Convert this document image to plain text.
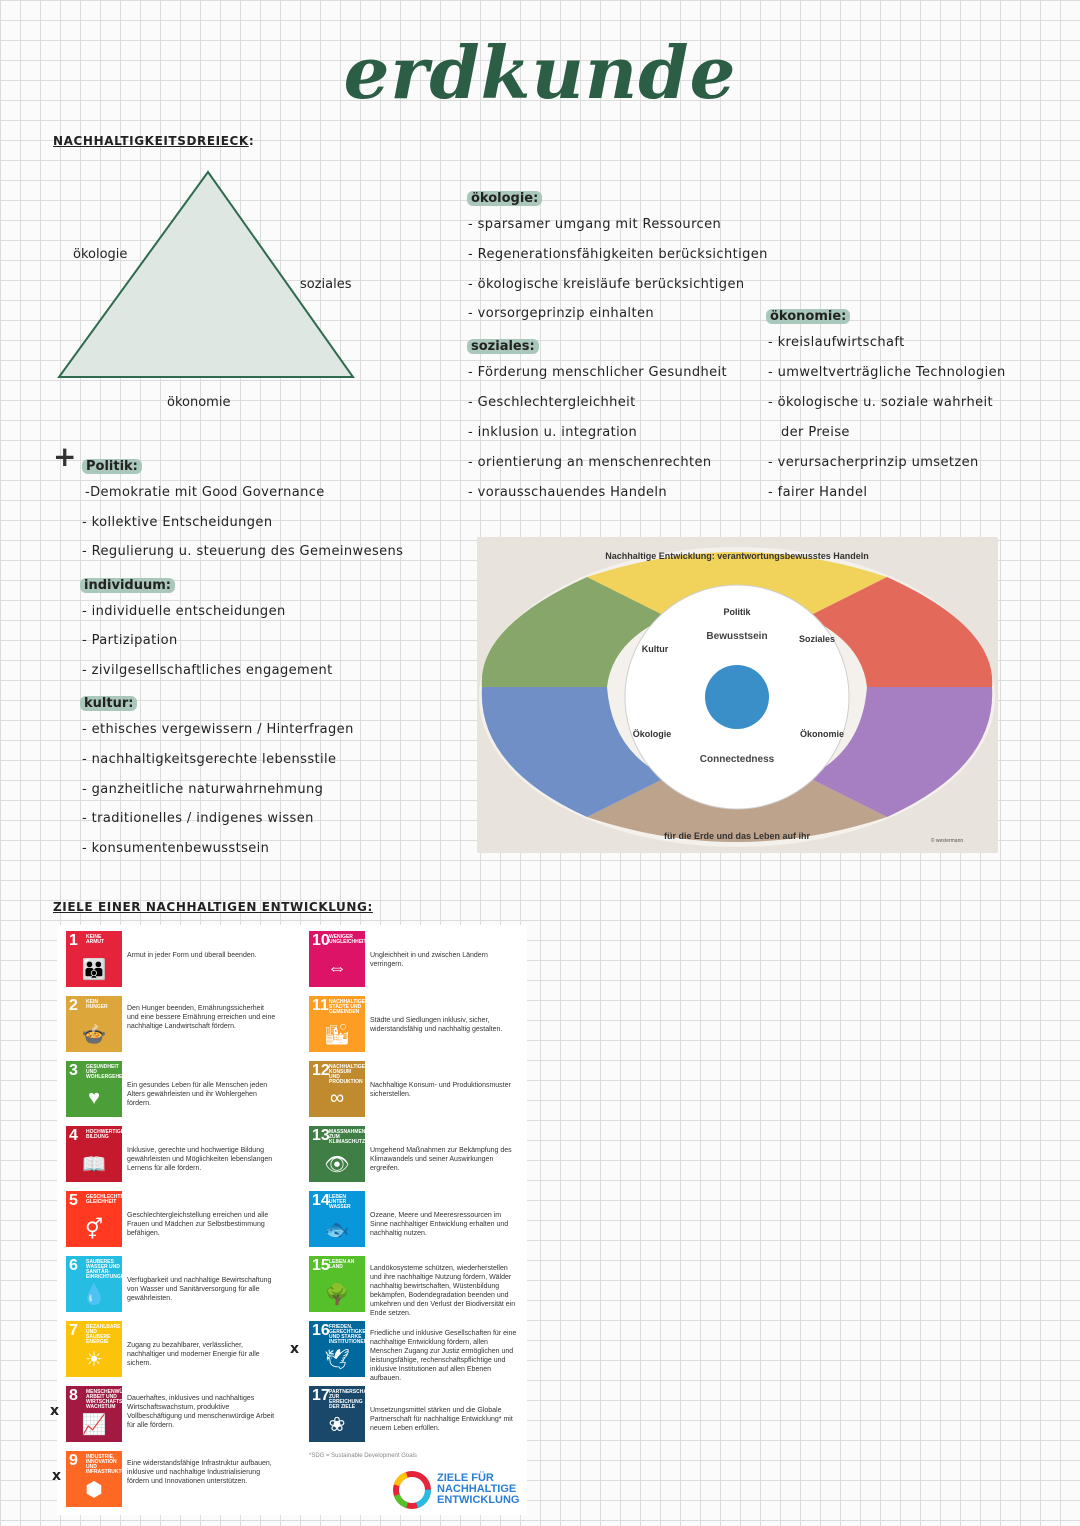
erdkunde
NACHHALTIGKEITSDREIECK:
ökologie
soziales
ökonomie
ökologie:
- sparsamer umgang mit Ressourcen
- Regenerationsfähigkeiten berücksichtigen
- ökologische kreisläufe berücksichtigen
- vorsorgeprinzip einhalten
soziales:
- Förderung menschlicher Gesundheit
- Geschlechtergleichheit
- inklusion u. integration
- orientierung an menschenrechten
- vorausschauendes Handeln
ökonomie:
- kreislaufwirtschaft
- umweltverträgliche Technologien
- ökologische u. soziale wahrheit
der Preise
- verursacherprinzip umsetzen
- fairer Handel
+ Politik:
-Demokratie mit Good Governance
- kollektive Entscheidungen
- Regulierung u. steuerung des Gemeinwesens
individuum:
- individuelle entscheidungen
- Partizipation
- zivilgesellschaftliches engagement
kultur:
- ethisches vergewissern / Hinterfragen
- nachhaltigkeitsgerechte lebensstile
- ganzheitliche naturwahrnehmung
- traditionelles / indigenes wissen
- konsumentenbewusstsein
Bewusstsein
Connectedness
Politik
Soziales
Ökonomie
Individuum
Ökologie
Kultur
Nachhaltige Entwicklung: verantwortungsbewusstes Handeln
für die Erde und das Leben auf ihr	© westermann
ZIELE EINER NACHHALTIGEN ENTWICKLUNG:
1 KEINE ARMUT
👪
Armut in jeder Form und überall beenden.
2 KEIN HUNGER
🍲
Den Hunger beenden, Ernährungssicherheit und eine bessere Ernährung erreichen und eine nachhaltige Landwirtschaft fördern.
3 GESUNDHEIT UND WOHLERGEHEN
♥
Ein gesundes Leben für alle Menschen jeden Alters gewährleisten und ihr Wohlergehen fördern.
4 HOCHWERTIGE BILDUNG
📖
Inklusive, gerechte und hochwertige Bildung gewährleisten und Möglichkeiten lebenslangen Lernens für alle fördern.
5 GESCHLECHTER-GLEICHHEIT
⚥
Geschlechtergleichstellung erreichen und alle Frauen und Mädchen zur Selbstbestimmung befähigen.
6 SAUBERES WASSER UND SANITÄR-EINRICHTUNGEN
💧
Verfügbarkeit und nachhaltige Bewirtschaftung von Wasser und Sanitärversorgung für alle gewährleisten.
7 BEZAHLBARE UND SAUBERE ENERGIE
☀
Zugang zu bezahlbarer, verlässlicher, nachhaltiger und moderner Energie für alle sichern.
8 MENSCHENWÜRDIGE ARBEIT UND WIRTSCHAFTS-WACHSTUM
📈
Dauerhaftes, inklusives und nachhaltiges Wirtschaftswachstum, produktive Vollbeschäftigung und menschenwürdige Arbeit für alle fördern.
9 INDUSTRIE, INNOVATION UND INFRASTRUKTUR
⬢
Eine widerstandsfähige Infrastruktur aufbauen, inklusive und nachhaltige Industrialisierung fördern und Innovationen unterstützen.
10 WENIGER UNGLEICHHEITEN
⇔
Ungleichheit in und zwischen Ländern verringern.
11 NACHHALTIGE STÄDTE UND GEMEINDEN
🏙
Städte und Siedlungen inklusiv, sicher, widerstandsfähig und nachhaltig gestalten.
12 NACHHALTIGE/R KONSUM UND PRODUKTION
∞
Nachhaltige Konsum- und Produktionsmuster sicherstellen.
13 MASSNAHMEN ZUM KLIMASCHUTZ
👁
Umgehend Maßnahmen zur Bekämpfung des Klimawandels und seiner Auswirkungen ergreifen.
14 LEBEN UNTER WASSER
🐟
Ozeane, Meere und Meeresressourcen im Sinne nachhaltiger Entwicklung erhalten und nachhaltig nutzen.
15 LEBEN AN LAND
🌳
Landökosysteme schützen, wiederherstellen und ihre nachhaltige Nutzung fördern, Wälder nachhaltig bewirtschaften, Wüstenbildung bekämpfen, Bodendegradation beenden und umkehren und den Verlust der Biodiversität ein Ende setzen.
16 FRIEDEN, GERECHTIGKEIT UND STARKE INSTITUTIONEN
🕊
Friedliche und inklusive Gesellschaften für eine nachhaltige Entwicklung fördern, allen Menschen Zugang zur Justiz ermöglichen und leistungsfähige, rechenschaftspflichtige und inklusive Institutionen auf allen Ebenen aufbauen.
17 PARTNERSCHAFTEN ZUR ERREICHUNG DER ZIELE
❀
Umsetzungsmittel stärken und die Globale Partnerschaft für nachhaltige Entwicklung* mit neuem Leben erfüllen.
*SDG = Sustainable Development Goals
ZIELE FÜR
NACHHALTIGE
ENTWICKLUNG
x
x
x
